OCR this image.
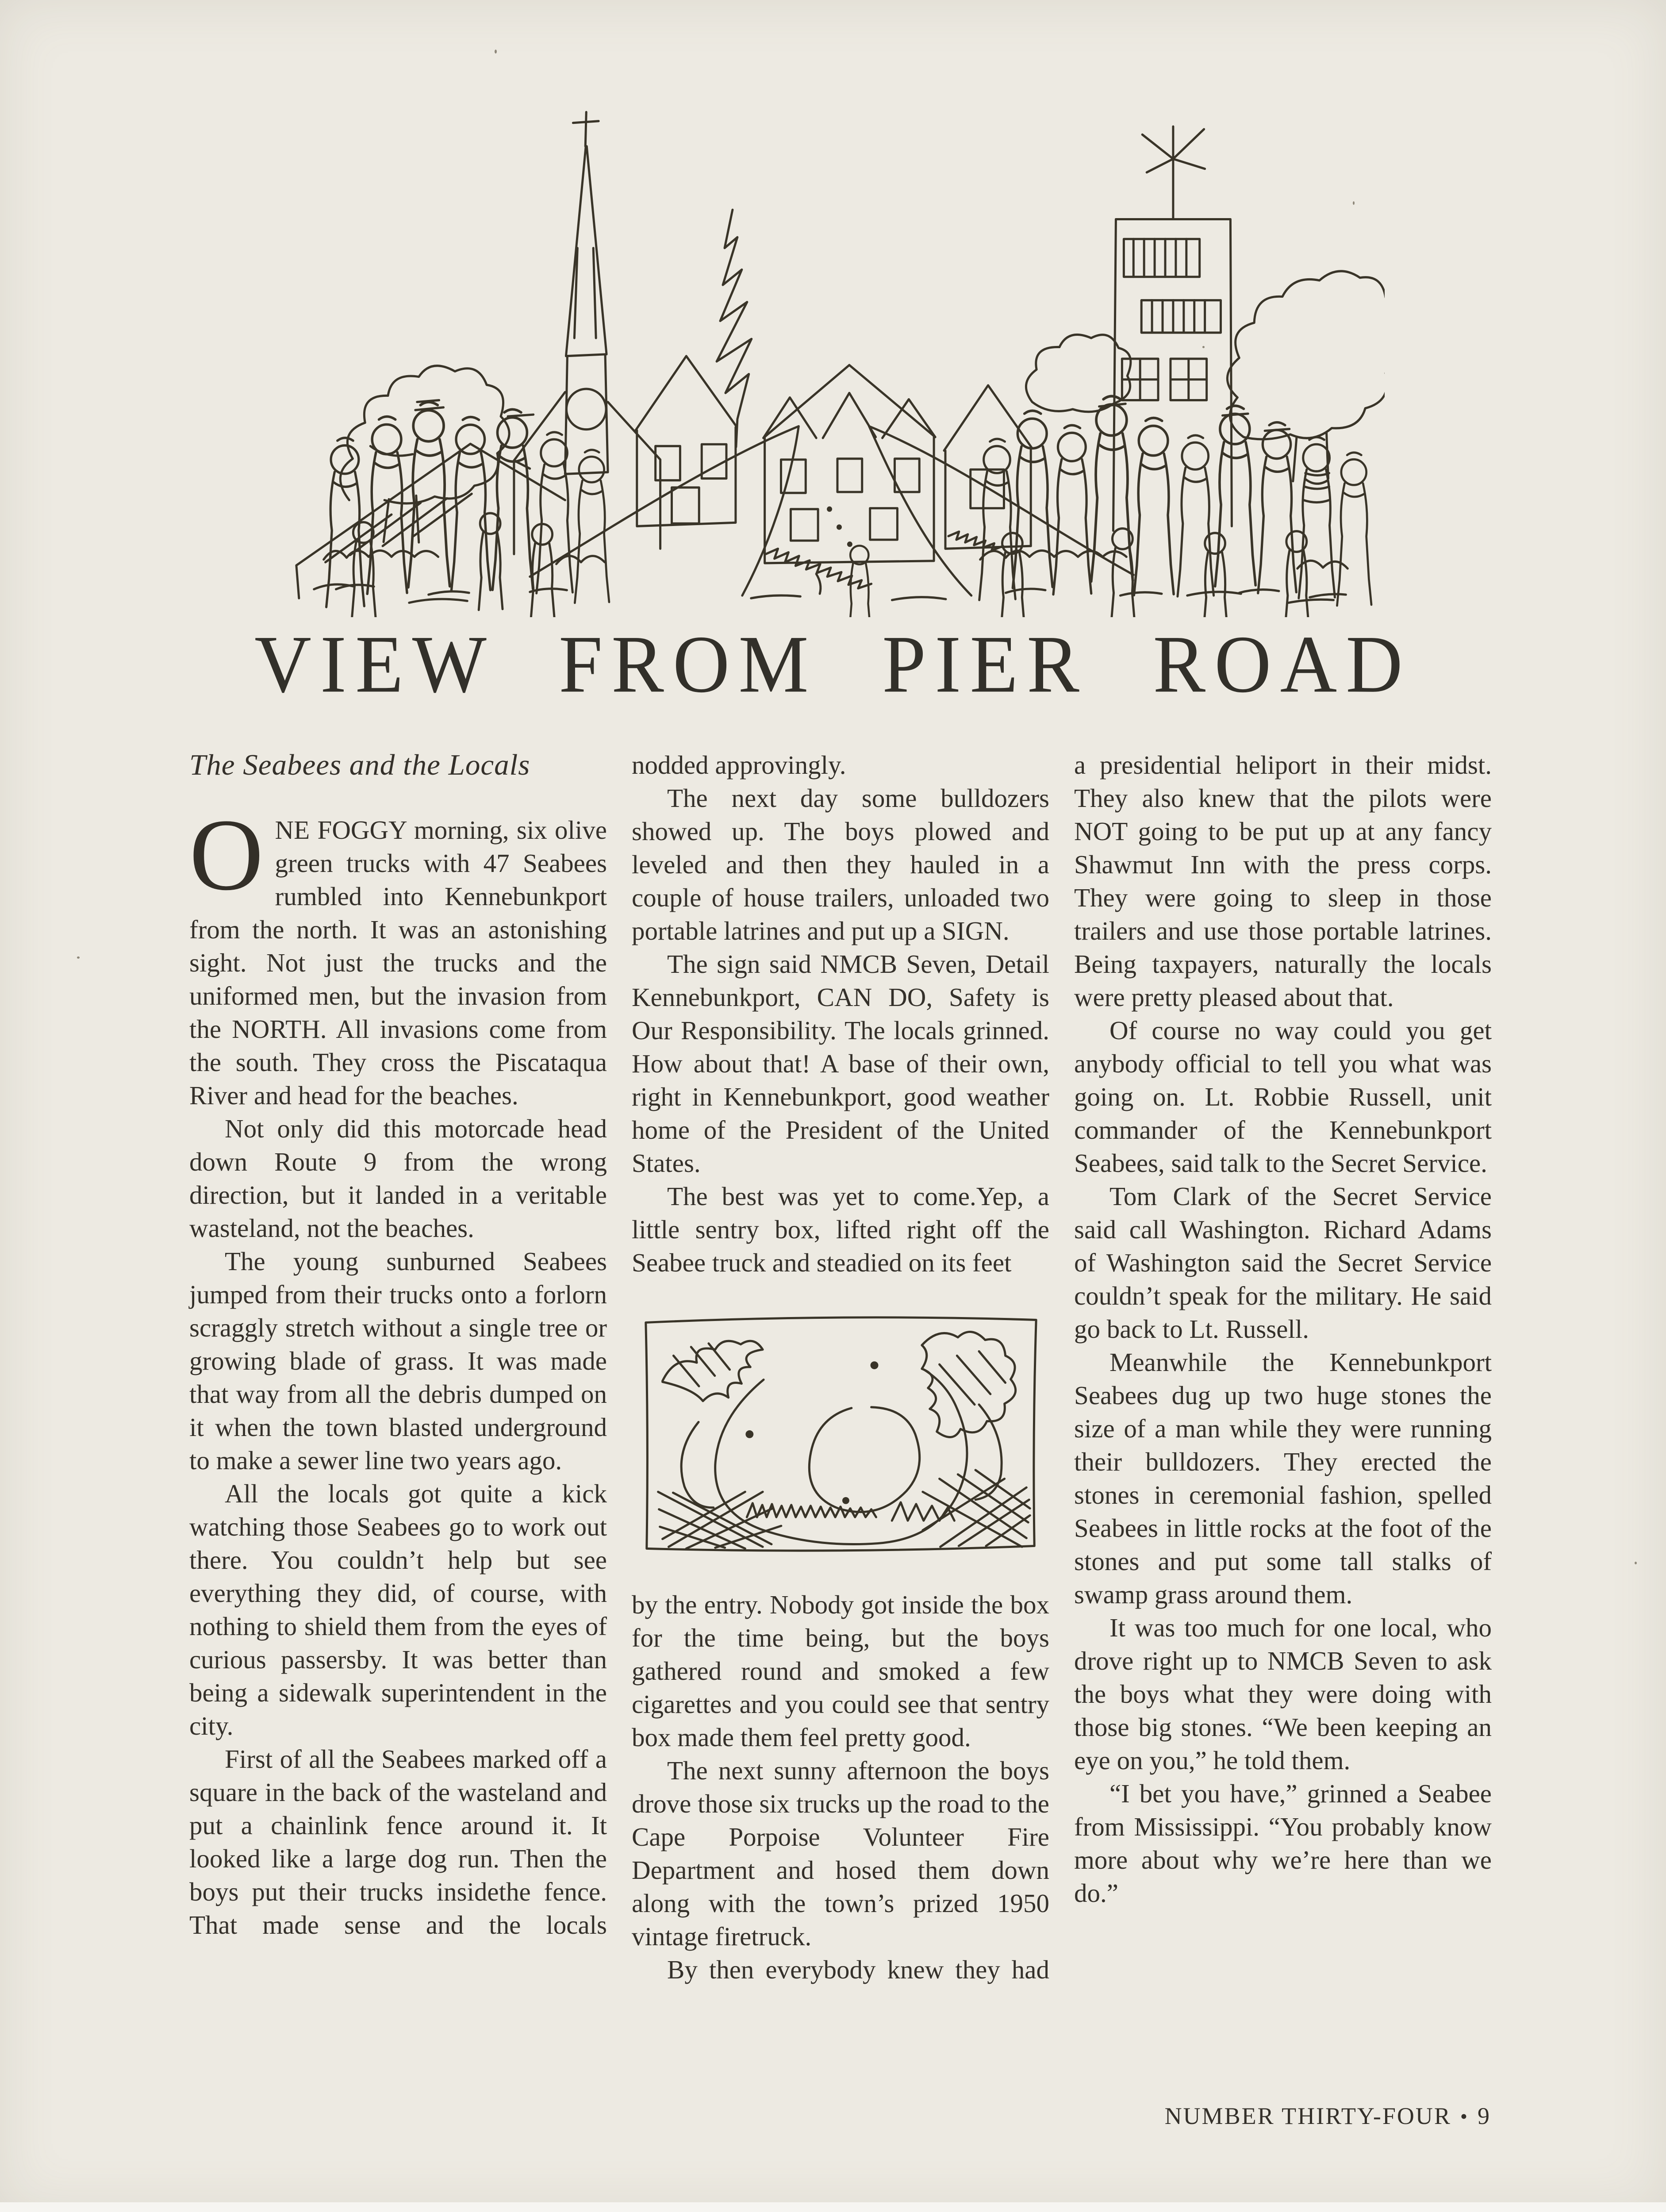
VIEW FROM PIER ROAD
The Seabees and the Locals

ONE FOGGY morning, six olive green trucks with 47 Seabees rumbled into Kennebunkport from the north. It was an astonishing sight. Not just the trucks and the uniformed men, but the invasion from the NORTH. All invasions come from the south. They cross the Piscataqua River and head for the beaches.

Not only did this motorcade head down Route 9 from the wrong direction, but it landed in a veritable wasteland, not the beaches.

The young sunburned Seabees jumped from their trucks onto a forlorn scraggly stretch without a single tree or growing blade of grass. It was made that way from all the debris dumped on it when the town blasted underground to make a sewer line two years ago.

All the locals got quite a kick watching those Seabees go to work out there. You couldn’t help but see everything they did, of course, with nothing to shield them from the eyes of curious passersby. It was better than being a sidewalk superintendent in the city.

First of all the Seabees marked off a square in the back of the wasteland and put a chainlink fence around it. It looked like a large dog run. Then the boys put their trucks insidethe fence. That made sense and the locals

nodded approvingly.

The next day some bulldozers showed up. The boys plowed and leveled and then they hauled in a couple of house trailers, unloaded two portable latrines and put up a SIGN.

The sign said NMCB Seven, Detail Kennebunkport, CAN DO, Safety is Our Responsibility. The locals grinned. How about that! A base of their own, right in Kennebunkport, good weather home of the President of the United States.

The best was yet to come.Yep, a little sentry box, lifted right off the Seabee truck and steadied on its feet

by the entry. Nobody got inside the box for the time being, but the boys gathered round and smoked a few cigarettes and you could see that sentry box made them feel pretty good.

The next sunny afternoon the boys drove those six trucks up the road to the Cape Porpoise Volunteer Fire Department and hosed them down along with the town’s prized 1950 vintage firetruck.

By then everybody knew they had

a presidential heliport in their midst. They also knew that the pilots were NOT going to be put up at any fancy Shawmut Inn with the press corps. They were going to sleep in those trailers and use those portable latrines. Being taxpayers, naturally the locals were pretty pleased about that.

Of course no way could you get anybody official to tell you what was going on. Lt. Robbie Russell, unit commander of the Kennebunkport Seabees, said talk to the Secret Service.

Tom Clark of the Secret Service said call Washington. Richard Adams of Washington said the Secret Service couldn’t speak for the military. He said go back to Lt. Russell.

Meanwhile the Kennebunkport Seabees dug up two huge stones the size of a man while they were running their bulldozers. They erected the stones in ceremonial fashion, spelled Seabees in little rocks at the foot of the stones and put some tall stalks of swamp grass around them.

It was too much for one local, who drove right up to NMCB Seven to ask the boys what they were doing with those big stones. “We been keeping an eye on you,” he told them.

“I bet you have,” grinned a Seabee from Mississippi. “You probably know more about why we’re here than we do.”

NUMBER THIRTY-FOUR • 9
